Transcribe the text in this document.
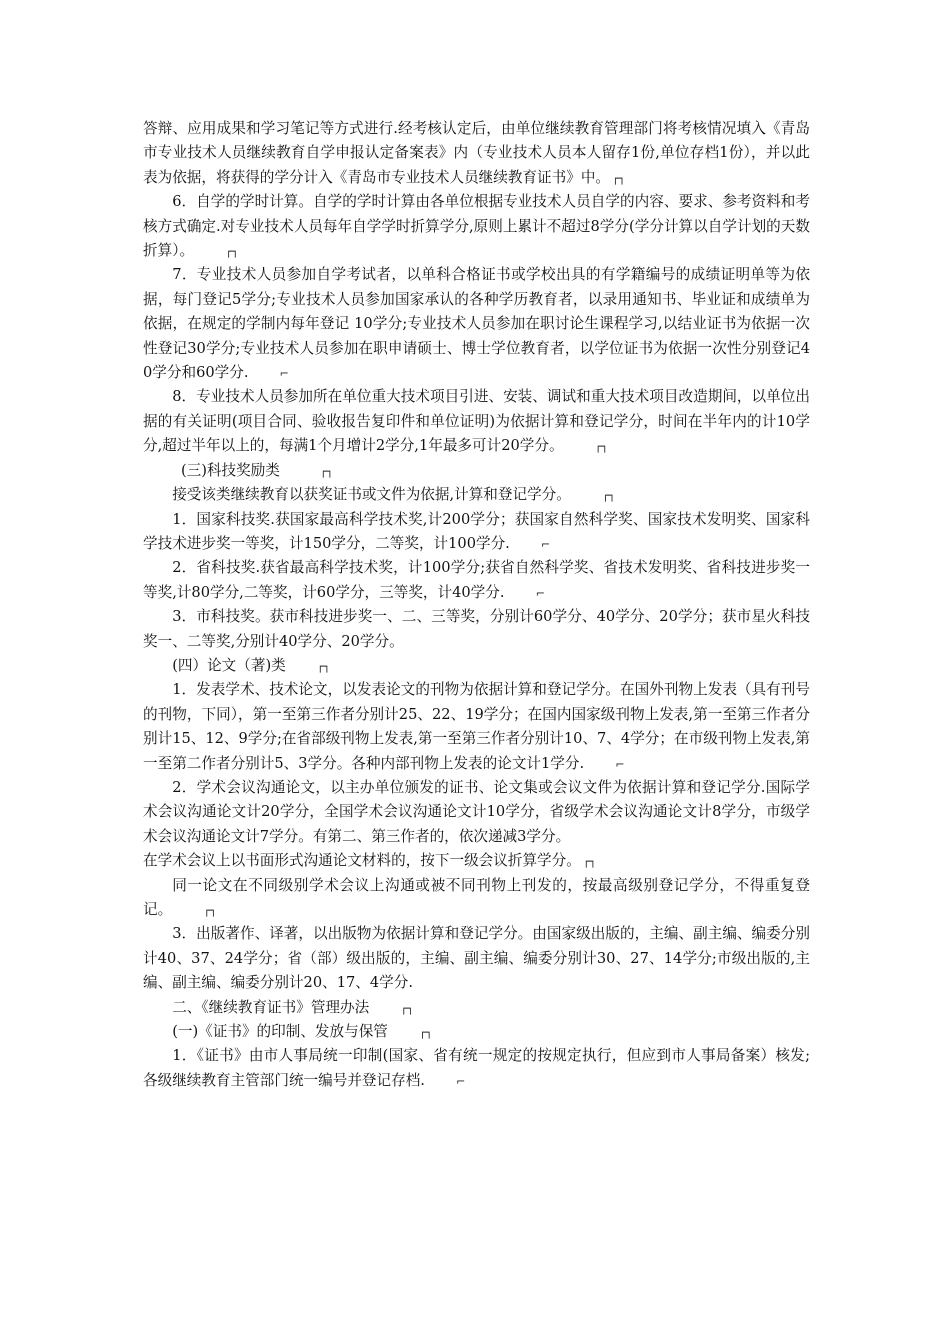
答辩、应用成果和学习笔记等方式进行.经考核认定后，由单位继续教育管理部门将考核情况填入《青岛市专业技术人员继续教育自学申报认定备案表》内（专业技术人员本人留存1份,单位存档1份），并以此表为依据，将获得的学分计入《青岛市专业技术人员继续教育证书》中。 ┌┐

6．自学的学时计算。自学的学时计算由各单位根据专业技术人员自学的内容、要求、参考资料和考核方式确定.对专业技术人员每年自学学时折算学分,原则上累计不超过8学分(学分计算以自学计划的天数折算）。	┌┐

7．专业技术人员参加自学考试者，以单科合格证书或学校出具的有学籍编号的成绩证明单等为依据，每门登记5学分;专业技术人员参加国家承认的各种学历教育者，以录用通知书、毕业证和成绩单为依据，在规定的学制内每年登记 10学分;专业技术人员参加在职讨论生课程学习,以结业证书为依据一次性登记30学分;专业技术人员参加在职申请硕士、博士学位教育者，以学位证书为依据一次性分别登记40学分和60学分.	⌐

8．专业技术人员参加所在单位重大技术项目引进、安装、调试和重大技术项目改造期间，以单位出据的有关证明(项目合同、验收报告复印件和单位证明)为依据计算和登记学分，时间在半年内的计10学分,超过半年以上的，每满1个月增计2学分,1年最多可计20学分。	┌┐

(三)科技奖励类	┌┐

接受该类继续教育以获奖证书或文件为依据,计算和登记学分。	┌┐

1．国家科技奖.获国家最高科学技术奖,计200学分；获国家自然科学奖、国家技术发明奖、国家科学技术进步奖一等奖，计150学分，二等奖，计100学分.	⌐

2．省科技奖.获省最高科学技术奖，计100学分;获省自然科学奖、省技术发明奖、省科技进步奖一等奖,计80学分,二等奖，计60学分，三等奖，计40学分.	⌐

3．市科技奖。获市科技进步奖一、二、三等奖，分别计60学分、40学分、20学分；获市星火科技奖一、二等奖,分别计40学分、20学分。

(四）论文（著)类	┌┐

1．发表学术、技术论文，以发表论文的刊物为依据计算和登记学分。在国外刊物上发表（具有刊号的刊物，下同），第一至第三作者分别计25、22、19学分；在国内国家级刊物上发表,第一至第三作者分别计15、12、9学分;在省部级刊物上发表,第一至第三作者分别计10、7、4学分；在市级刊物上发表,第一至第二作者分别计5、3学分。各种内部刊物上发表的论文计1学分.	⌐

2．学术会议沟通论文，以主办单位颁发的证书、论文集或会议文件为依据计算和登记学分.国际学术会议沟通论文计20学分，全国学术会议沟通论文计10学分，省级学术会议沟通论文计8学分，市级学术会议沟通论文计7学分。有第二、第三作者的，依次递减3学分。

在学术会议上以书面形式沟通论文材料的，按下一级会议折算学分。 ┌┐

同一论文在不同级别学术会议上沟通或被不同刊物上刊发的，按最高级别登记学分，不得重复登记。	┌┐

3．出版著作、译著，以出版物为依据计算和登记学分。由国家级出版的，主编、副主编、编委分别计40、37、24学分；省（部）级出版的，主编、副主编、编委分别计30、27、14学分;市级出版的,主编、副主编、编委分别计20、17、4学分.

二、《继续教育证书》管理办法	┌┐

(一)《证书》的印制、发放与保管	┌┐

1．《证书》由市人事局统一印制(国家、省有统一规定的按规定执行，但应到市人事局备案）核发;各级继续教育主管部门统一编号并登记存档.	⌐
